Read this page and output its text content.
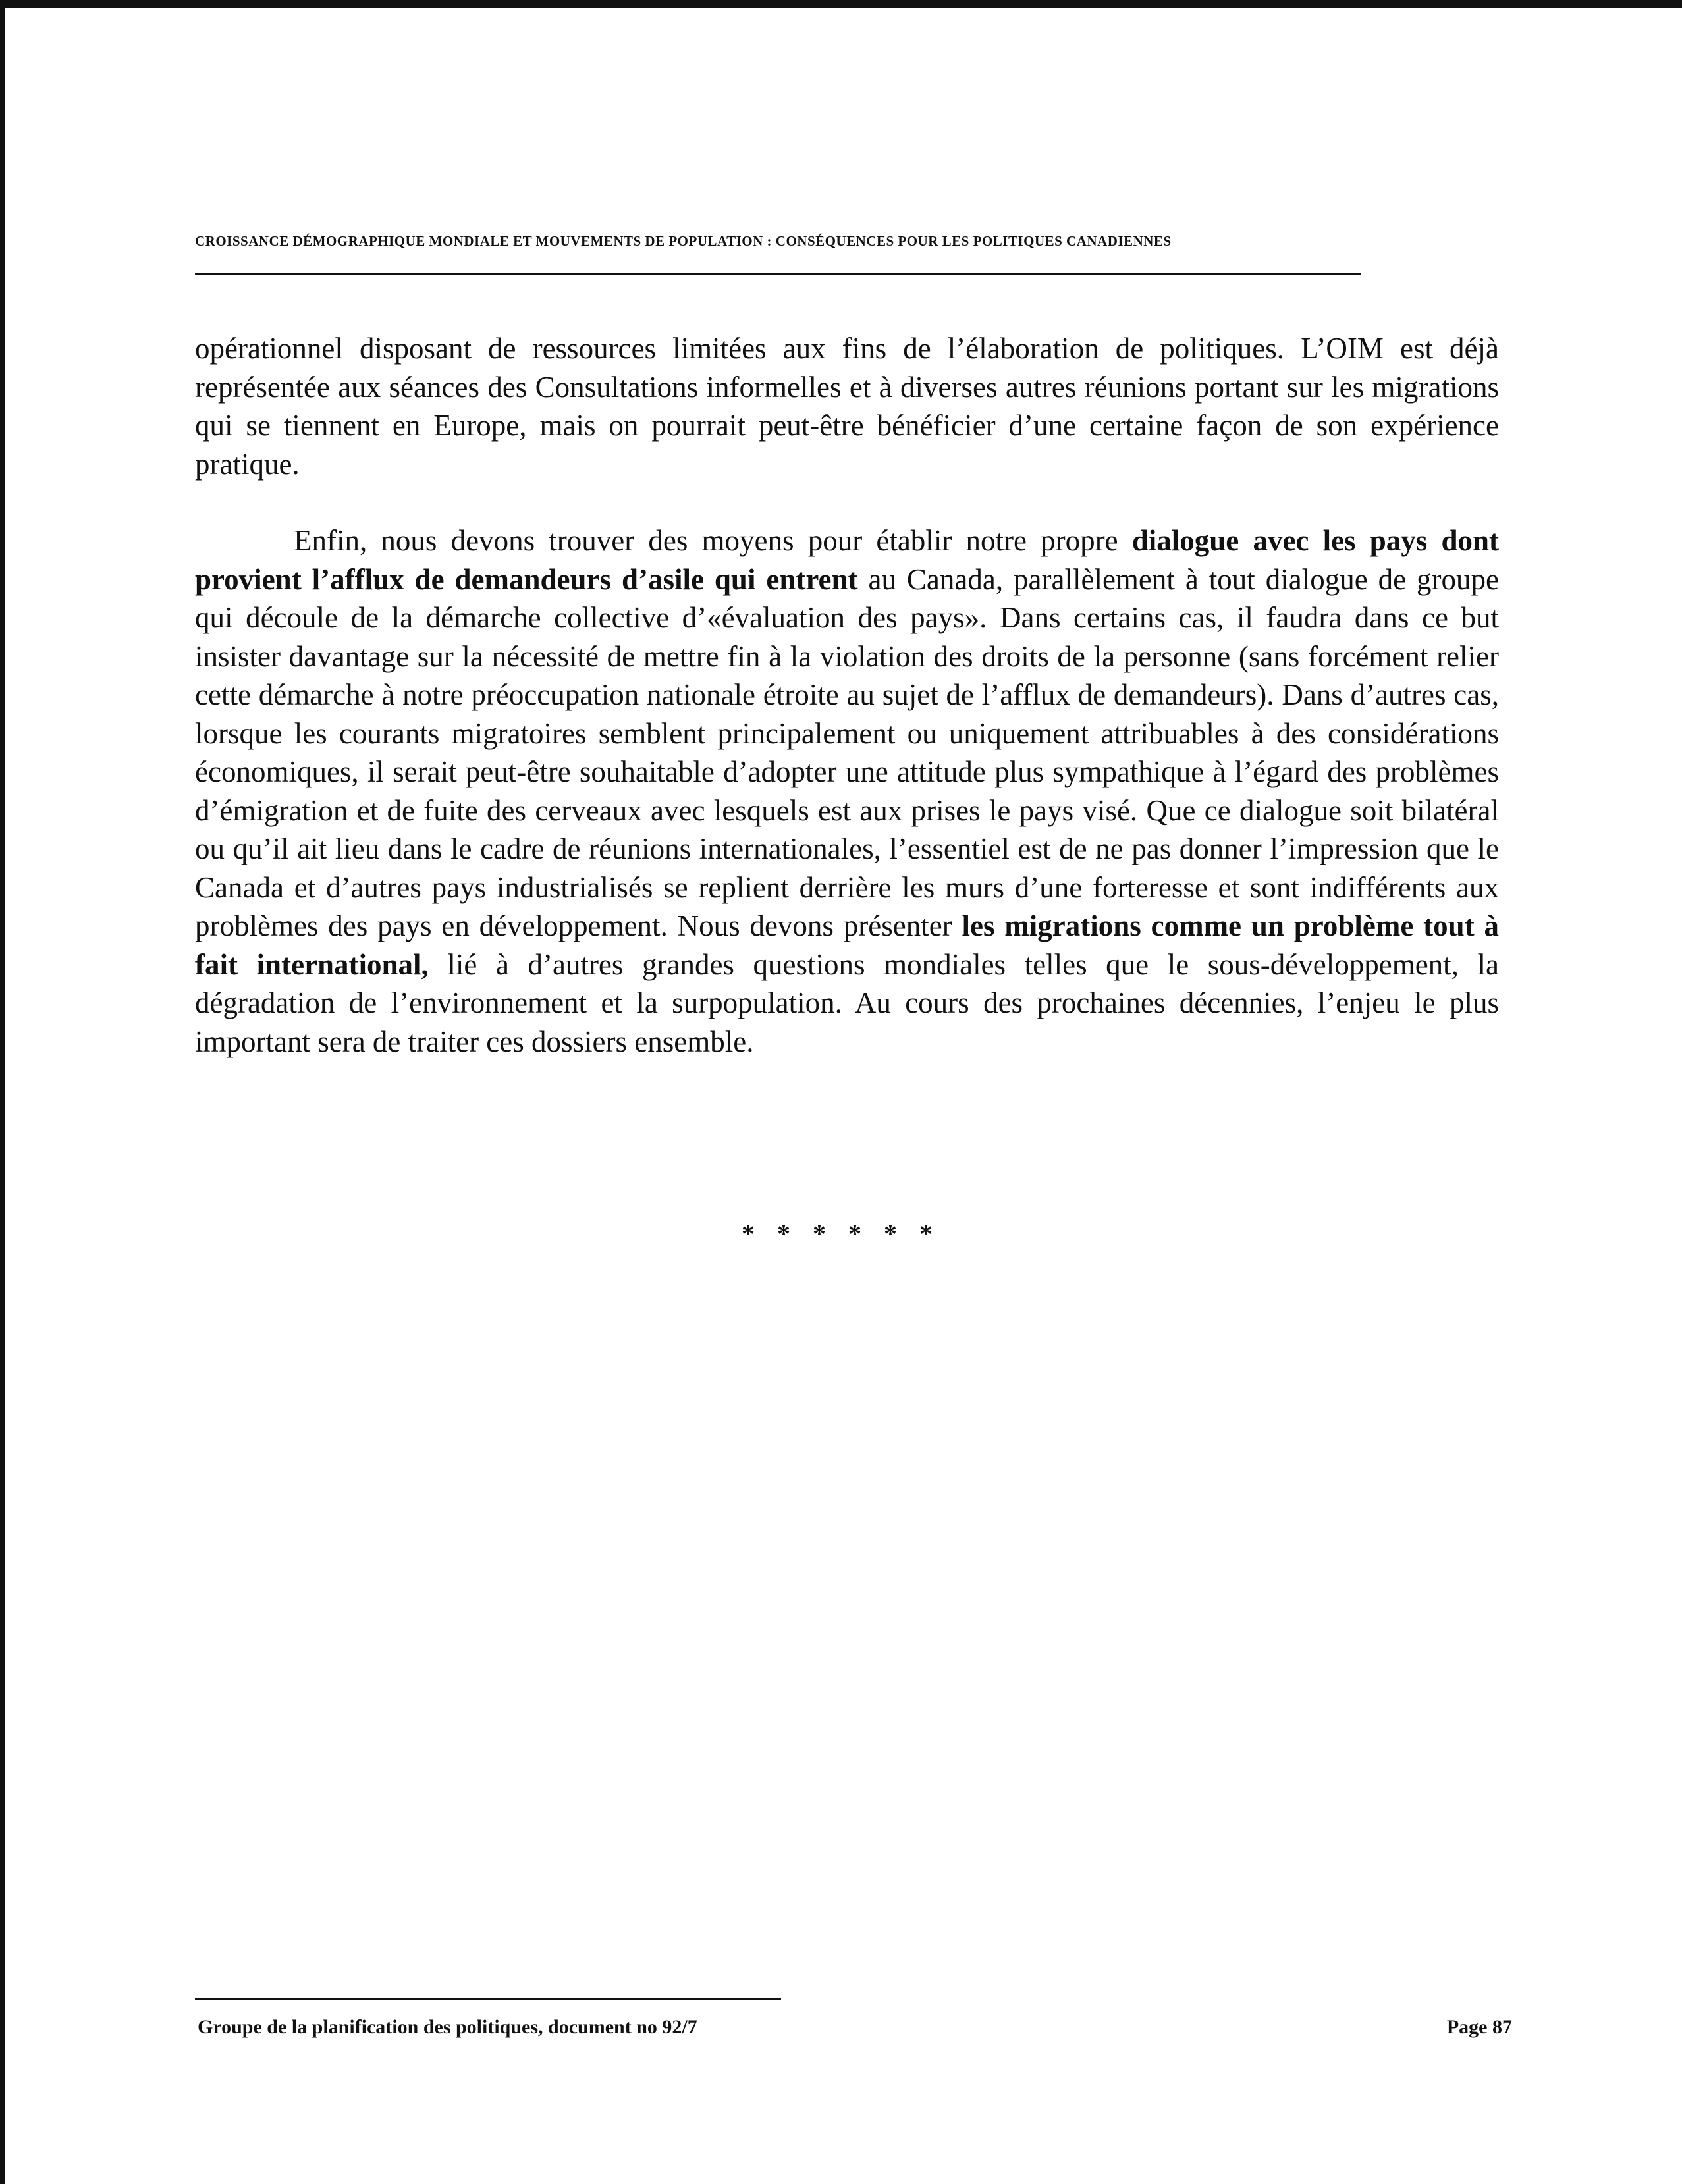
CROISSANCE DÉMOGRAPHIQUE MONDIALE ET MOUVEMENTS DE POPULATION : CONSÉQUENCES POUR LES POLITIQUES CANADIENNES

opérationnel disposant de ressources limitées aux fins de l’élaboration de politiques. L’OIM est déjà représentée aux séances des Consultations informelles et à diverses autres réunions portant sur les migrations qui se tiennent en Europe, mais on pourrait peut-être bénéficier d’une certaine façon de son expérience pratique.

Enfin, nous devons trouver des moyens pour établir notre propre dialogue avec les pays dont provient l’afflux de demandeurs d’asile qui entrent au Canada, parallèlement à tout dialogue de groupe qui découle de la démarche collective d’«évaluation des pays». Dans certains cas, il faudra dans ce but insister davantage sur la nécessité de mettre fin à la violation des droits de la personne (sans forcément relier cette démarche à notre préoccupation nationale étroite au sujet de l’afflux de demandeurs). Dans d’autres cas, lorsque les courants migratoires semblent principalement ou uniquement attribuables à des considérations économiques, il serait peut-être souhaitable d’adopter une attitude plus sympathique à l’égard des problèmes d’émigration et de fuite des cerveaux avec lesquels est aux prises le pays visé. Que ce dialogue soit bilatéral ou qu’il ait lieu dans le cadre de réunions internationales, l’essentiel est de ne pas donner l’impression que le Canada et d’autres pays industrialisés se replient derrière les murs d’une forteresse et sont indifférents aux problèmes des pays en développement. Nous devons présenter les migrations comme un problème tout à fait international, lié à d’autres grandes questions mondiales telles que le sous-développement, la dégradation de l’environnement et la surpopulation. Au cours des prochaines décennies, l’enjeu le plus important sera de traiter ces dossiers ensemble.

* * * * * *

Groupe de la planification des politiques, document no 92/7	Page 87
